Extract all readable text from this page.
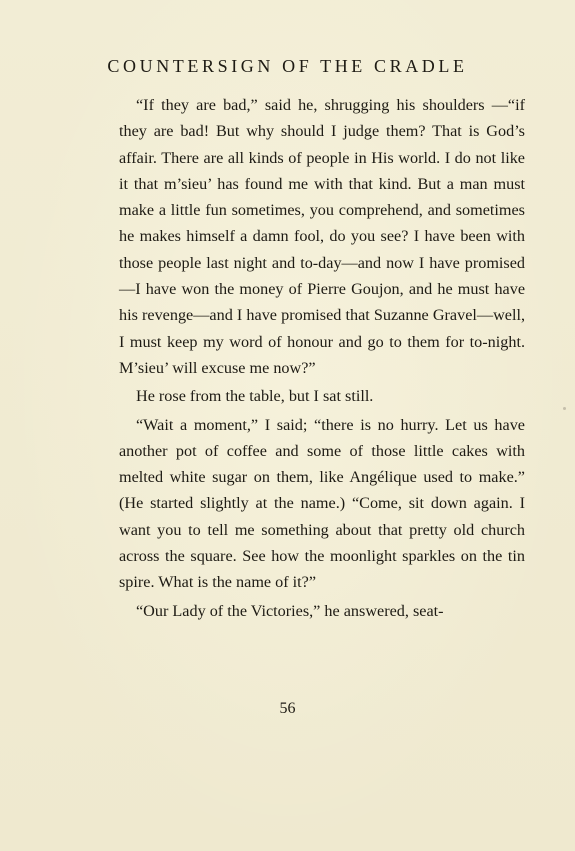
COUNTERSIGN OF THE CRADLE

“If they are bad,” said he, shrugging his shoulders —“if they are bad! But why should I judge them? That is God’s affair. There are all kinds of people in His world. I do not like it that m’sieu’ has found me with that kind. But a man must make a little fun sometimes, you comprehend, and sometimes he makes himself a damn fool, do you see? I have been with those people last night and to-day—and now I have promised—I have won the money of Pierre Goujon, and he must have his revenge—and I have promised that Suzanne Gravel—well, I must keep my word of honour and go to them for to-night. M’sieu’ will excuse me now?”

He rose from the table, but I sat still.

“Wait a moment,” I said; “there is no hurry. Let us have another pot of coffee and some of those little cakes with melted white sugar on them, like Angélique used to make.” (He started slightly at the name.) “Come, sit down again. I want you to tell me something about that pretty old church across the square. See how the moonlight sparkles on the tin spire. What is the name of it?”

“Our Lady of the Victories,” he answered, seat-

56
